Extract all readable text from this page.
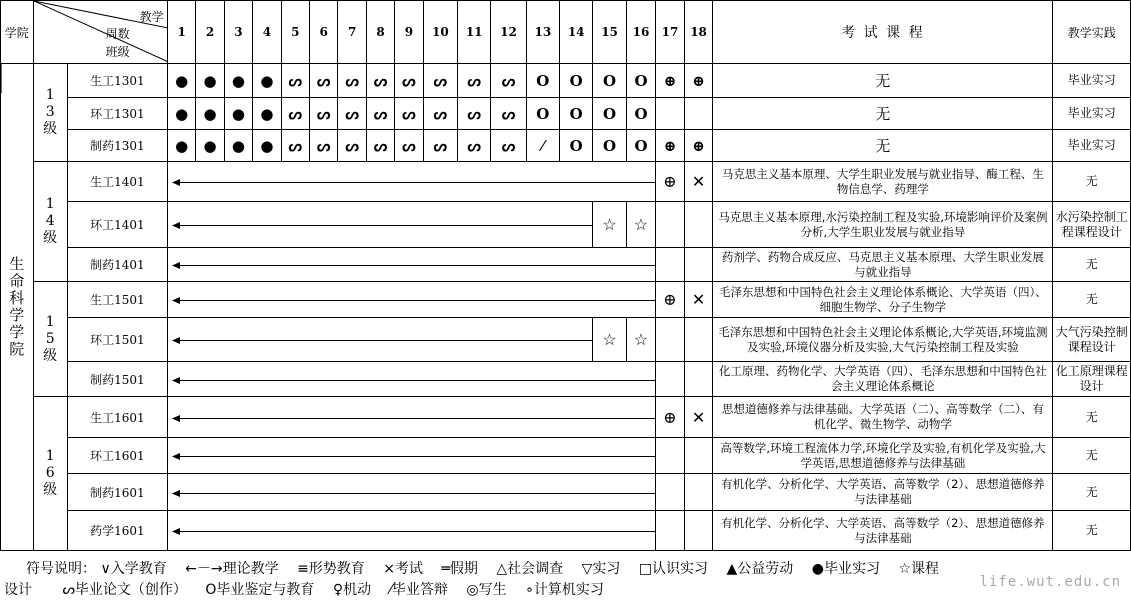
学院	教学
周数
班级		1	2	3	4	5	6	7	8	9	10	11	12	13	14	15	16	17	18	考 试 课 程	教学实践

生命科学学院	1 3 级	生工1301	●	●	●	●	ᔕ	ᔕ	ᔕ	ᔕ	ᔕ	ᔕ	ᔕ	ᔕ	O	O	O	O	⊕	⊕	无	毕业实习
		环工1301	●	●	●	●	ᔕ	ᔕ	ᔕ	ᔕ	ᔕ	ᔕ	ᔕ	ᔕ	O	O	O	O			无	毕业实习
		制药1301	●	●	●	●	ᔕ	ᔕ	ᔕ	ᔕ	ᔕ	ᔕ	ᔕ	ᔕ	⁄	O	O	O	⊕	⊕	无	毕业实习

	1 4 级	生工1401																	⊕	✕	马克思主义基本原理、大学生职业发展与就业指导、酶工程、生物信息学、药理学	无
		环工1401															☆	☆			马克思主义基本原理,水污染控制工程及实验,环境影响评价及案例分析,大学生职业发展与就业指导	水污染控制工程课程设计
		制药1401																			药剂学、药物合成反应、马克思主义基本原理、大学生职业发展与就业指导	无

	1 5 级	生工1501																	⊕	✕	毛泽东思想和中国特色社会主义理论体系概论、大学英语（四）、细胞生物学、分子生物学	无
		环工1501															☆	☆			毛泽东思想和中国特色社会主义理论体系概论,大学英语,环境监测及实验,环境仪器分析及实验,大气污染控制工程及实验	大气污染控制课程设计
		制药1501																			化工原理、药物化学、大学英语（四）、毛泽东思想和中国特色社会主义理论体系概论	化工原理课程设计

	1 6 级	生工1601																	⊕	✕	思想道德修养与法律基础、大学英语（二）、高等数学（二）、有机化学、微生物学、动物学	无
		环工1601																			高等数学,环境工程流体力学,环境化学及实验,有机化学及实验,大学英语,思想道德修养与法律基础	无
		制药1601																			有机化学、分析化学、大学英语、高等数学（2）、思想道德修养与法律基础	无
		药学1601																			有机化学、分析化学、大学英语、高等数学（2）、思想道德修养与法律基础	无
符号说明： ∨入学教育 ←－→理论教学 ≡形势教育 ×考试 ═假期 △社会调查 ▽实习 □认识实习 ▲公益劳动 ●毕业实习 ☆课程
设计 ᔕ毕业论文（创作） O毕业鉴定与教育 ♀机动 ⁄毕业答辩 ◎写生 ∘计算机实习	life.wut.edu.cn
